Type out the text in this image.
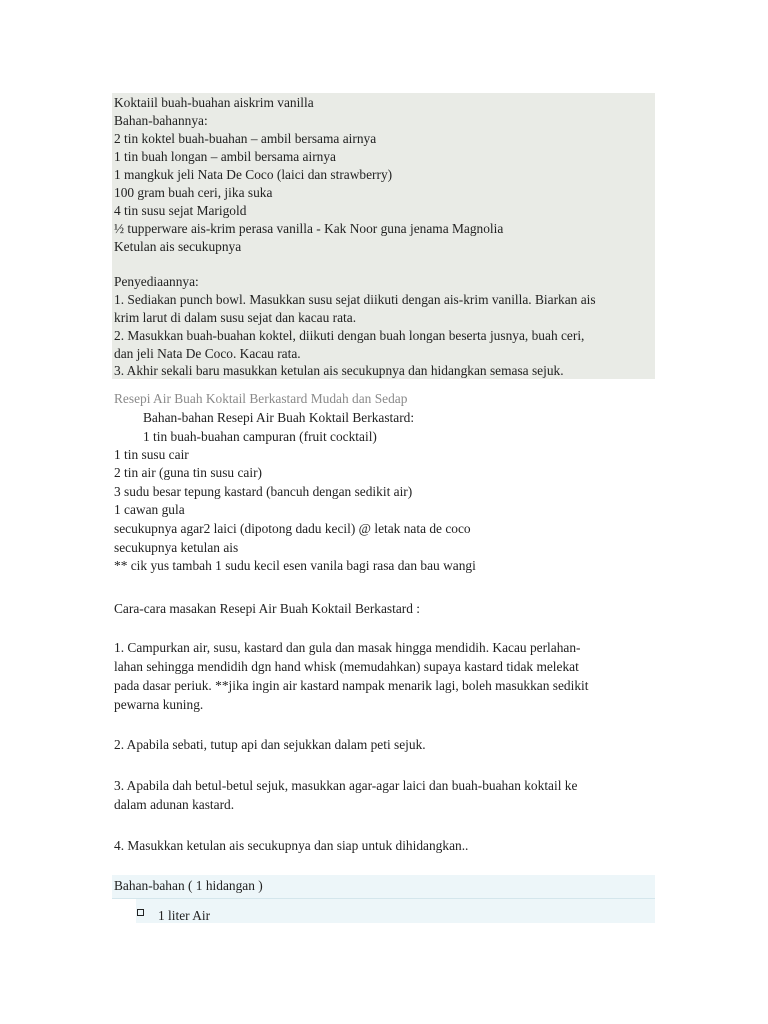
Koktaiil buah-buahan aiskrim vanilla
Bahan-bahannya:
2 tin koktel buah-buahan – ambil bersama airnya
1 tin buah longan – ambil bersama airnya
1 mangkuk jeli Nata De Coco (laici dan strawberry)
100 gram buah ceri, jika suka
4 tin susu sejat Marigold
½ tupperware ais-krim perasa vanilla - Kak Noor guna jenama Magnolia
Ketulan ais secukupnya
Penyediaannya:
1. Sediakan punch bowl. Masukkan susu sejat diikuti dengan ais-krim vanilla. Biarkan ais
krim larut di dalam susu sejat dan kacau rata.
2. Masukkan buah-buahan koktel, diikuti dengan buah longan beserta jusnya, buah ceri,
dan jeli Nata De Coco. Kacau rata.
3. Akhir sekali baru masukkan ketulan ais secukupnya dan hidangkan semasa sejuk.
Resepi Air Buah Koktail Berkastard Mudah dan Sedap
Bahan-bahan Resepi Air Buah Koktail Berkastard:
1 tin buah-buahan campuran (fruit cocktail)
1 tin susu cair
2 tin air (guna tin susu cair)
3 sudu besar tepung kastard (bancuh dengan sedikit air)
1 cawan gula
secukupnya agar2 laici (dipotong dadu kecil) @ letak nata de coco
secukupnya ketulan ais
** cik yus tambah 1 sudu kecil esen vanila bagi rasa dan bau wangi
Cara-cara masakan Resepi Air Buah Koktail Berkastard :
1. Campurkan air, susu, kastard dan gula dan masak hingga mendidih. Kacau perlahan-
lahan sehingga mendidih dgn hand whisk (memudahkan) supaya kastard tidak melekat
pada dasar periuk. **jika ingin air kastard nampak menarik lagi, boleh masukkan sedikit
pewarna kuning.
2. Apabila sebati, tutup api dan sejukkan dalam peti sejuk.
3. Apabila dah betul-betul sejuk, masukkan agar-agar laici dan buah-buahan koktail ke
dalam adunan kastard.
4. Masukkan ketulan ais secukupnya dan siap untuk dihidangkan..
Bahan-bahan ( 1 hidangan )
1 liter Air
